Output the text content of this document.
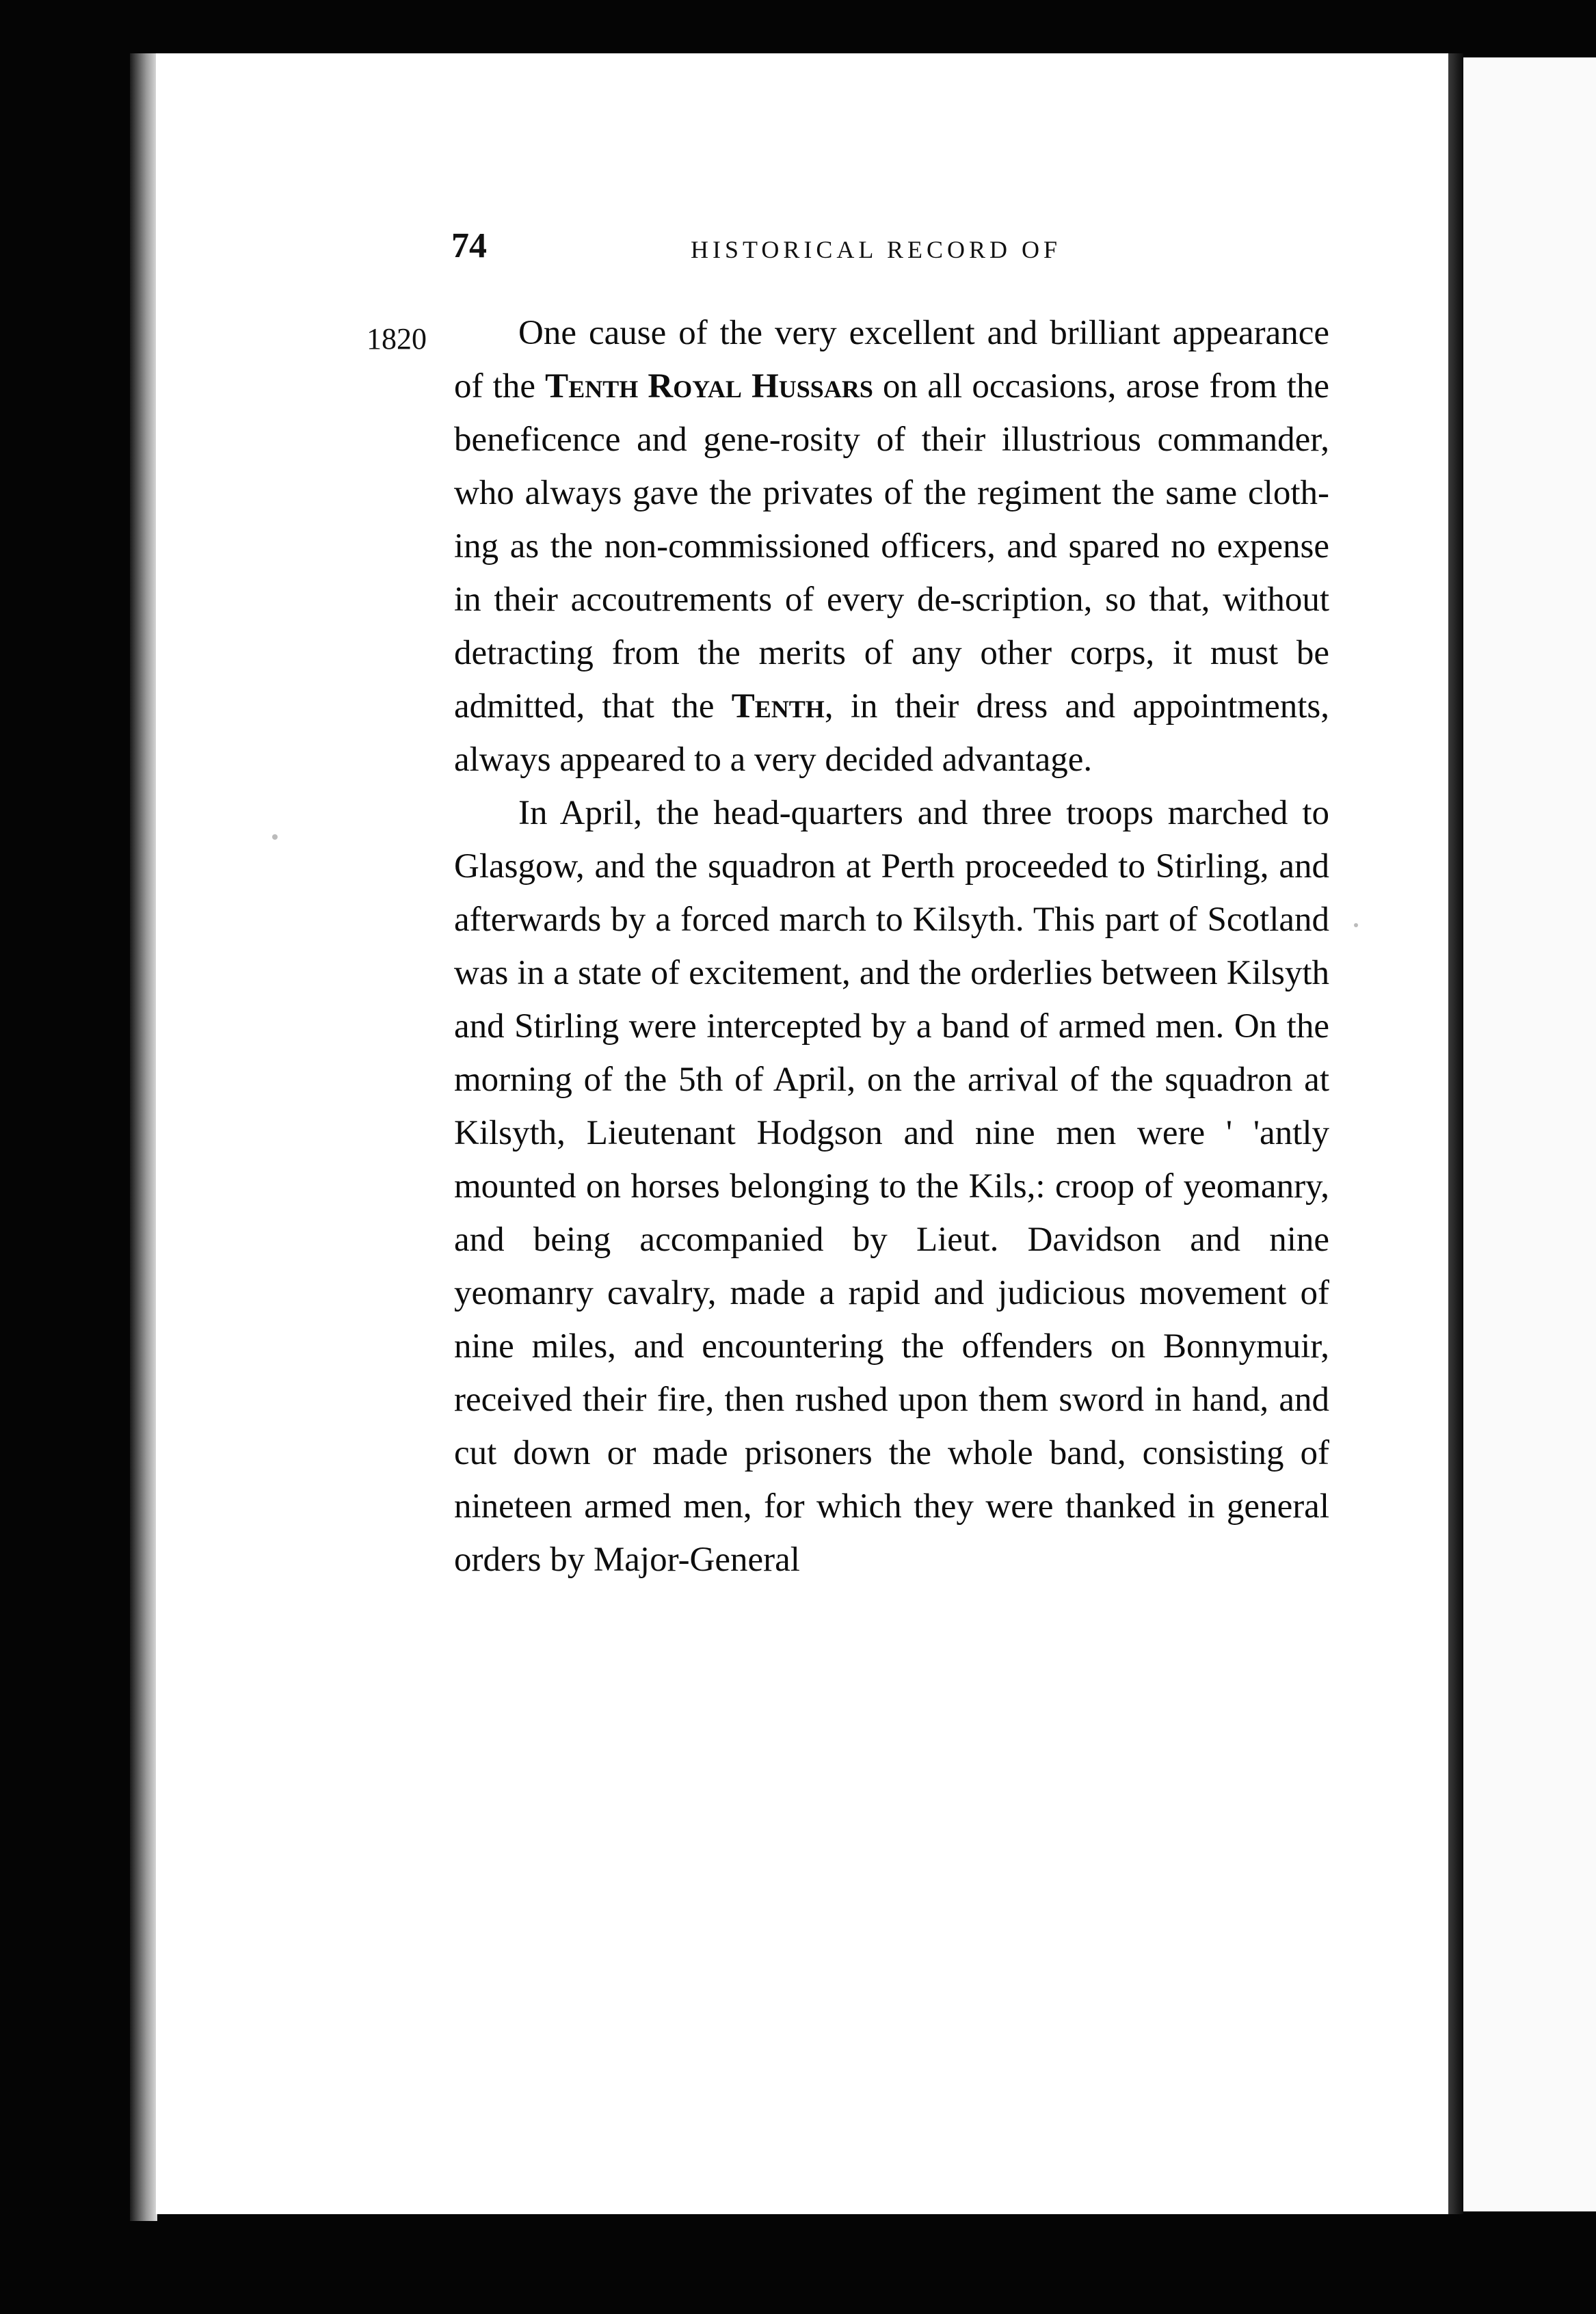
74	HISTORICAL RECORD OF
1820	One cause of the very excellent and brilliant appearance of the Tenth Royal Hussars on all occasions, arose from the beneficence and gene-rosity of their illustrious commander, who always gave the privates of the regiment the same cloth-ing as the non-commissioned officers, and spared no expense in their accoutrements of every de-scription, so that, without detracting from the merits of any other corps, it must be admitted, that the Tenth, in their dress and appointments, always appeared to a very decided advantage.

In April, the head-quarters and three troops marched to Glasgow, and the squadron at Perth proceeded to Stirling, and afterwards by a forced march to Kilsyth. This part of Scotland was in a state of excitement, and the orderlies between Kilsyth and Stirling were intercepted by a band of armed men. On the morning of the 5th of April, on the arrival of the squadron at Kilsyth, Lieutenant Hodgson and nine men were ' 'antly mounted on horses belonging to the Kils,: croop of yeomanry, and being accompanied by Lieut. Davidson and nine yeomanry cavalry, made a rapid and judicious movement of nine miles, and encountering the offenders on Bonnymuir, received their fire, then rushed upon them sword in hand, and cut down or made prisoners the whole band, consisting of nineteen armed men, for which they were thanked in general orders by Major-General
